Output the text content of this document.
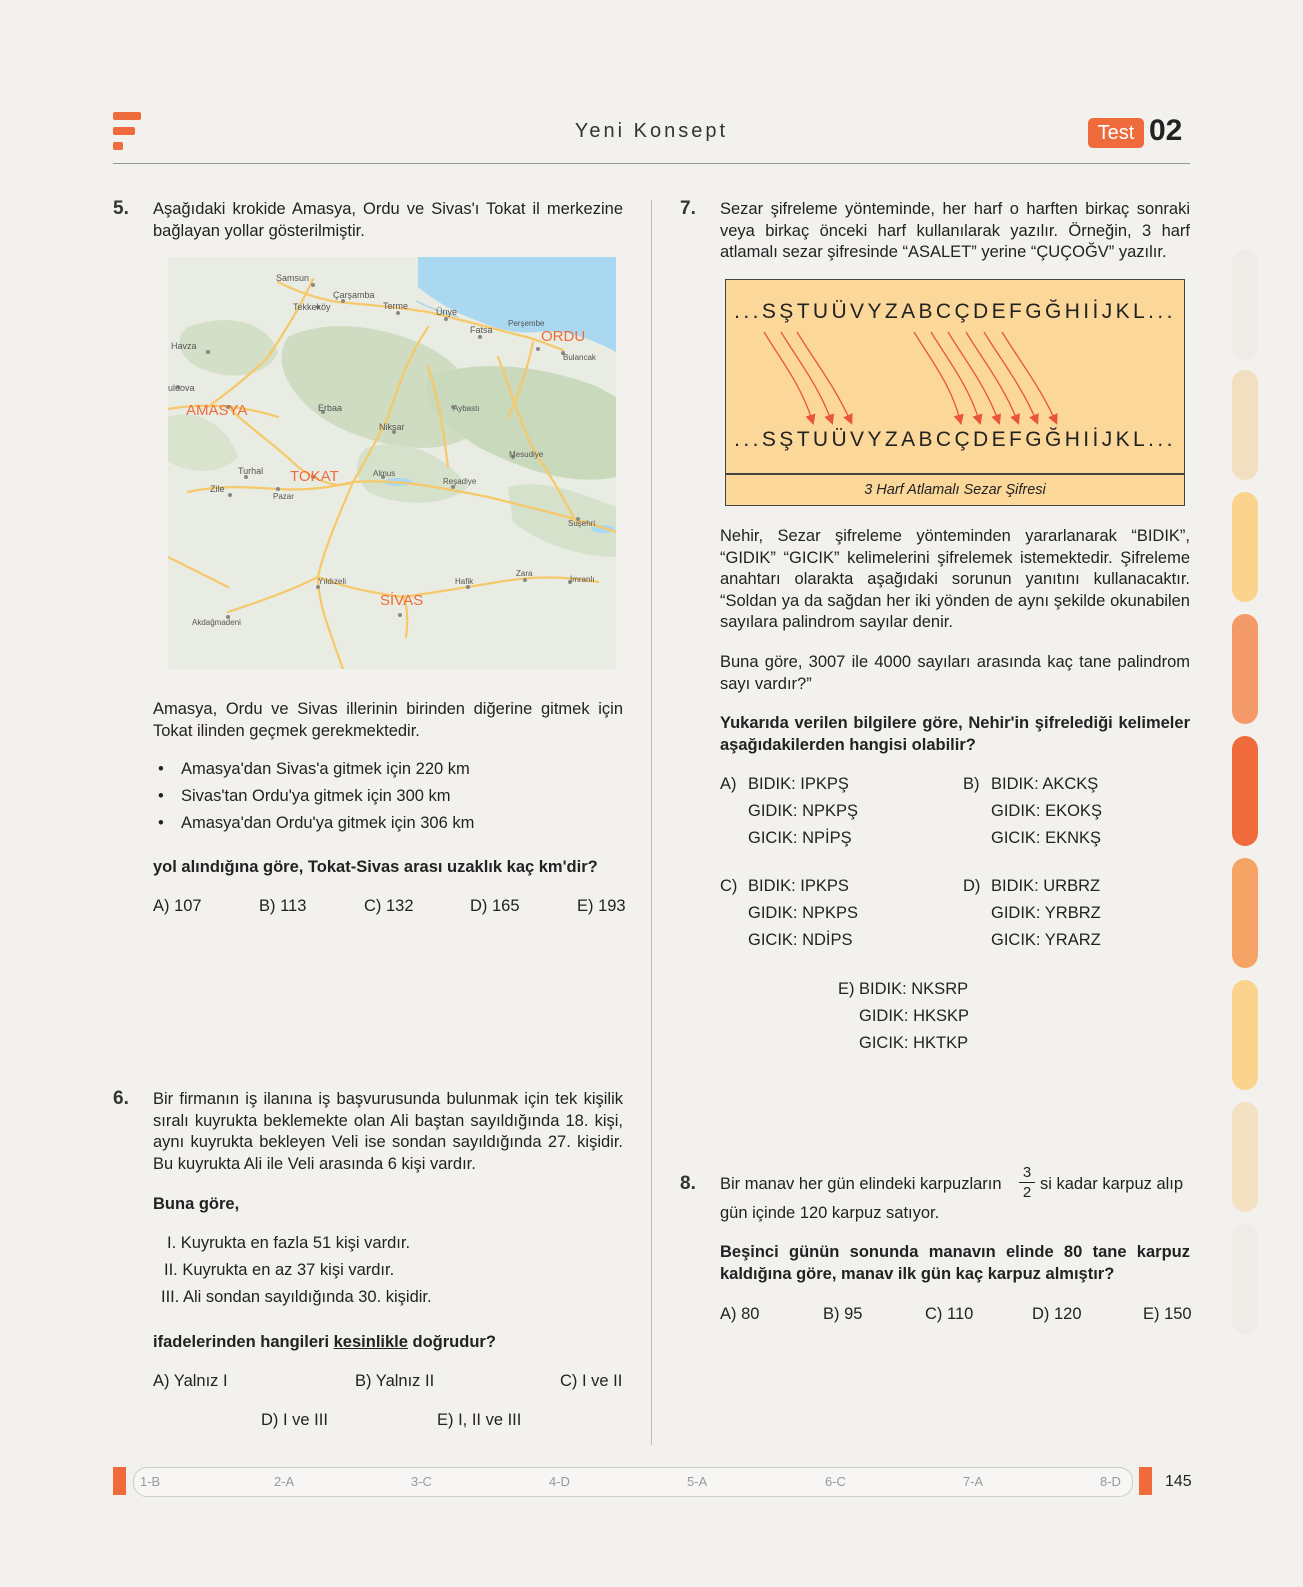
Yeni Konsept	Test 02
5. Aşağıdaki krokide Amasya, Ordu ve Sivas'ı Tokat il merkezine bağlayan yollar gösterilmiştir.
Samsun
Çarşamba
Tekkeköy	Terme
Ünye
Fatsa
Perşembe
Bulancak
Havza
uluova
Erbaa	Aybastı
Niksar
Mesudiye
Turhal
Zile
Pazar
Almus
Reşadiye
Suşehri
Yıldızeli	Hafik
Zara
İmranlı
Akdağmadeni
AMASYA
ORDU
TOKAT
SİVAS
Amasya, Ordu ve Sivas illerinin birinden diğerine gitmek için Tokat ilinden geçmek gerekmektedir.
• Amasya'dan Sivas'a gitmek için 220 km
• Sivas'tan Ordu'ya gitmek için 300 km
• Amasya'dan Ordu'ya gitmek için 306 km
yol alındığına göre, Tokat-Sivas arası uzaklık kaç km'dir?
A) 107	B) 113	C) 132	D) 165	E) 193
6. Bir firmanın iş ilanına iş başvurusunda bulunmak için tek kişilik sıralı kuyrukta beklemekte olan Ali baştan sayıldığında 18. kişi, aynı kuyrukta bekleyen Veli ise sondan sayıldığında 27. kişidir. Bu kuyrukta Ali ile Veli arasında 6 kişi vardır.
Buna göre,
I. Kuyrukta en fazla 51 kişi vardır.
II. Kuyrukta en az 37 kişi vardır.
III. Ali sondan sayıldığında 30. kişidir.
ifadelerinden hangileri kesinlikle doğrudur?
A) Yalnız I	B) Yalnız II	C) I ve II
D) I ve III	E) I, II ve III
7. Sezar şifreleme yönteminde, her harf o harften birkaç sonraki veya birkaç önceki harf kullanılarak yazılır. Örneğin, 3 harf atlamalı sezar şifresinde “ASALET” yerine “ÇUÇOĞV” yazılır.
...SŞTUÜVYZABCÇDEFGĞHIİJKL...
...SŞTUÜVYZABCÇDEFGĞHIİJKL...
3 Harf Atlamalı Sezar Şifresi
Nehir, Sezar şifreleme yönteminden yararlanarak “BIDIK”, “GIDIK” “GICIK” kelimelerini şifrelemek istemektedir. Şifreleme anahtarı olarakta aşağıdaki sorunun yanıtını kullanacaktır. “Soldan ya da sağdan her iki yönden de aynı şekilde okunabilen sayılara palindrom sayılar denir.
Buna göre, 3007 ile 4000 sayıları arasında kaç tane palindrom sayı vardır?”
Yukarıda verilen bilgilere göre, Nehir'in şifrelediği kelimeler aşağıdakilerden hangisi olabilir?
A) BIDIK: IPKPŞ
GIDIK: NPKPŞ
GICIK: NPİPŞ
B) BIDIK: AKCKŞ
GIDIK: EKOKŞ
GICIK: EKNKŞ
C) BIDIK: IPKPS
GIDIK: NPKPS
GICIK: NDİPS
D) BIDIK: URBRZ
GIDIK: YRBRZ
GICIK: YRARZ
E) BIDIK: NKSRP
GIDIK: HKSKP
GICIK: HKTKP
8. Bir manav her gün elindeki karpuzların
3
2 si kadar karpuz alıp
gün içinde 120 karpuz satıyor.
Beşinci günün sonunda manavın elinde 80 tane karpuz kaldığına göre, manav ilk gün kaç karpuz almıştır?
A) 80	B) 95	C) 110	D) 120	E) 150
1-B	2-A	3-C	4-D	5-A	6-C	7-A	8-D	145
